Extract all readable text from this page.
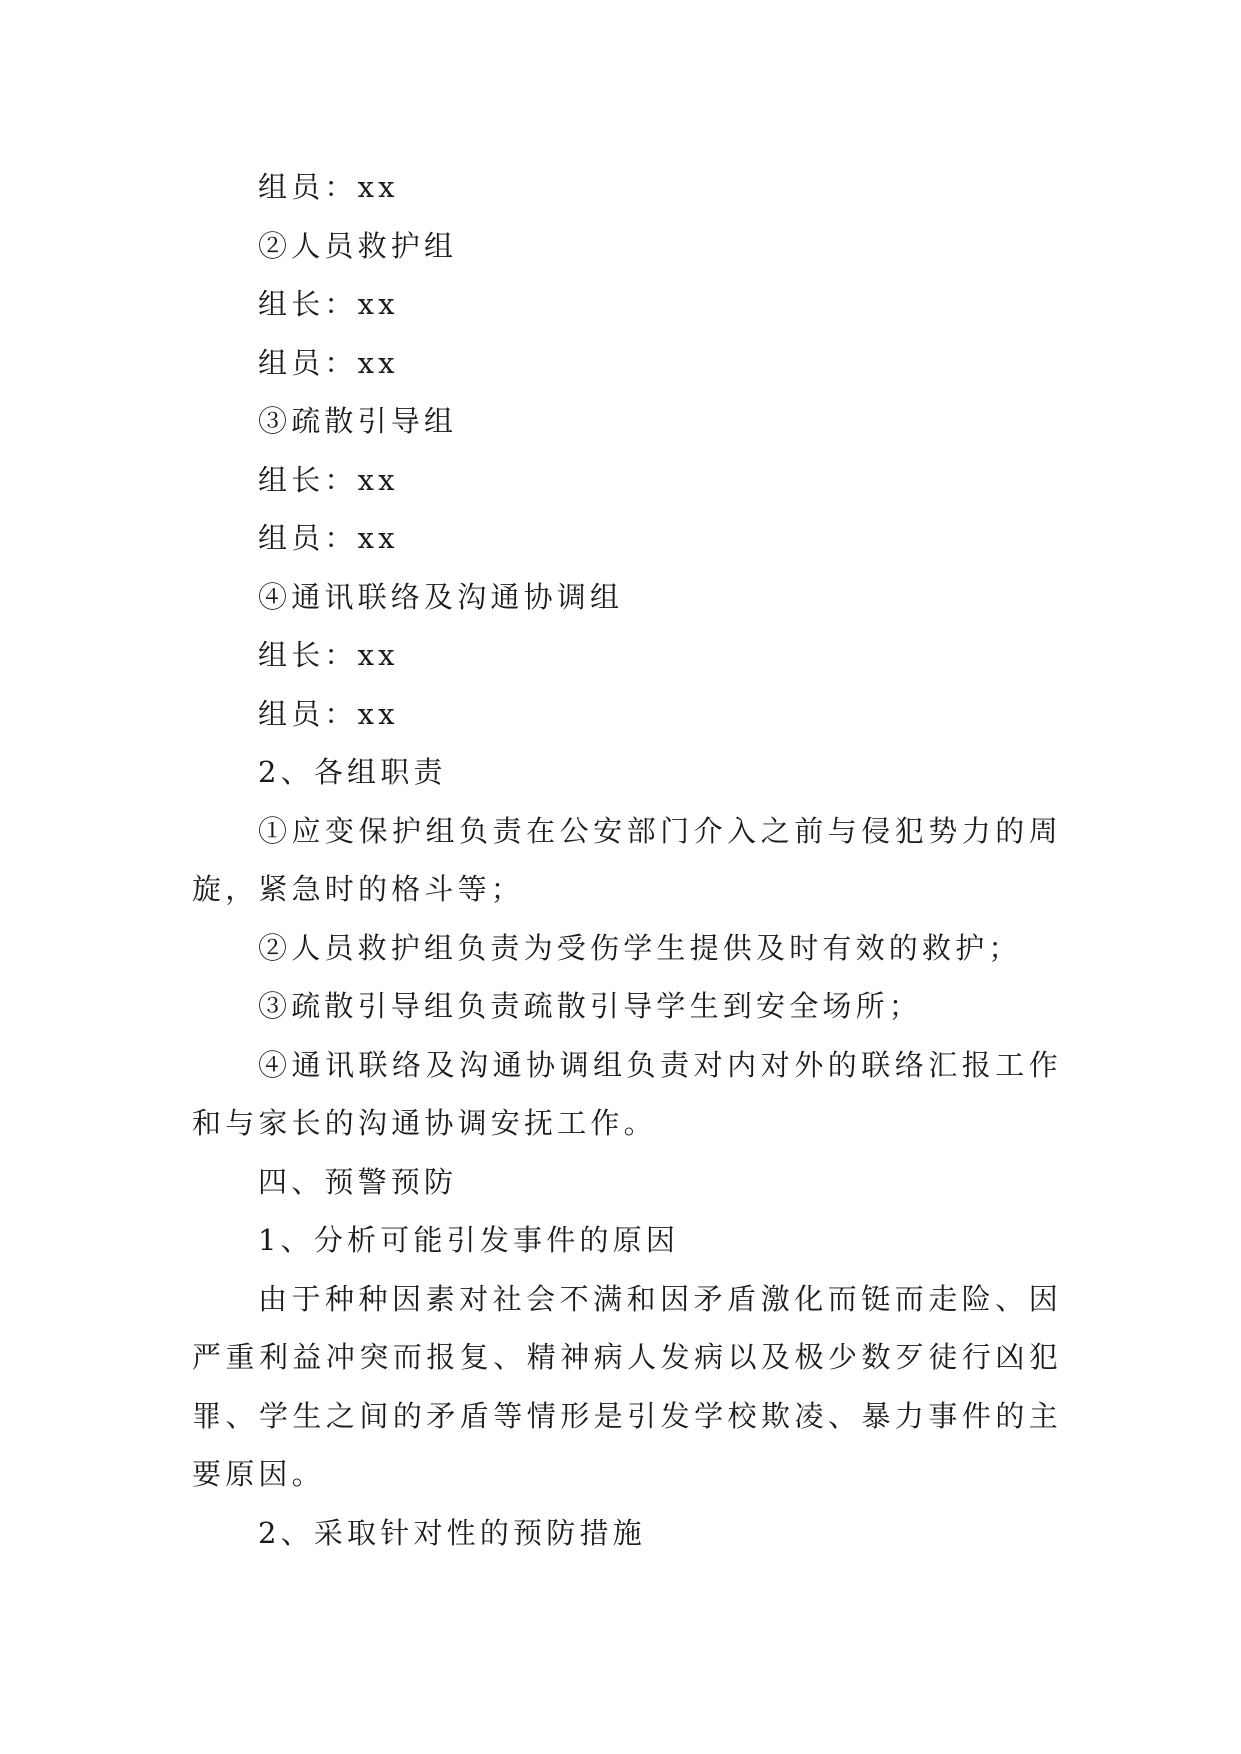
组员：xx

②人员救护组

组长：xx

组员：xx

③疏散引导组

组长：xx

组员：xx

④通讯联络及沟通协调组

组长：xx

组员：xx

2、各组职责

①应变保护组负责在公安部门介入之前与侵犯势力的周旋，紧急时的格斗等；

②人员救护组负责为受伤学生提供及时有效的救护；

③疏散引导组负责疏散引导学生到安全场所；

④通讯联络及沟通协调组负责对内对外的联络汇报工作和与家长的沟通协调安抚工作。

四、预警预防

1、分析可能引发事件的原因

由于种种因素对社会不满和因矛盾激化而铤而走险、因严重利益冲突而报复、精神病人发病以及极少数歹徒行凶犯罪、学生之间的矛盾等情形是引发学校欺凌、暴力事件的主要原因。

2、采取针对性的预防措施
